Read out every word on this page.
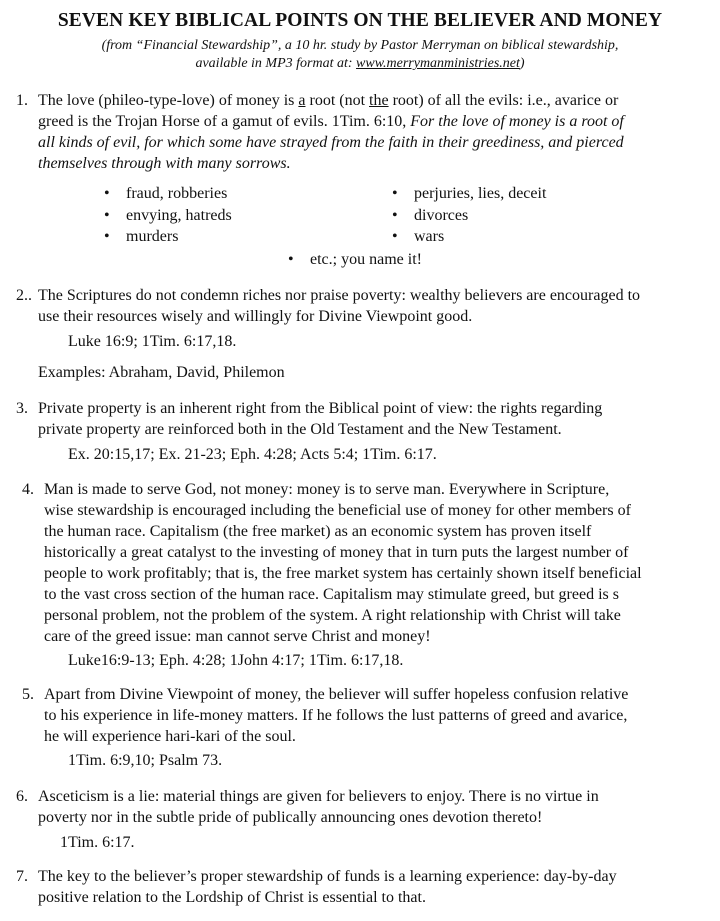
SEVEN KEY BIBLICAL POINTS ON THE BELIEVER AND MONEY
(from “Financial Stewardship”, a 10 hr. study by Pastor Merryman on biblical stewardship,
available in MP3 format at: www.merrymanministries.net)
1. The love (phileo-type-love) of money is a root (not the root) of all the evils: i.e., avarice or
greed is the Trojan Horse of a gamut of evils. 1Tim. 6:10, For the love of money is a root of
all kinds of evil, for which some have strayed from the faith in their greediness, and pierced
themselves through with many sorrows.
• fraud, robberies
• envying, hatreds
• murders
• perjuries, lies, deceit
• divorces
• wars
• etc.; you name it!
2.. The Scriptures do not condemn riches nor praise poverty: wealthy believers are encouraged to
use their resources wisely and willingly for Divine Viewpoint good.
Luke 16:9; 1Tim. 6:17,18.
Examples: Abraham, David, Philemon
3. Private property is an inherent right from the Biblical point of view: the rights regarding
private property are reinforced both in the Old Testament and the New Testament.
Ex. 20:15,17; Ex. 21-23; Eph. 4:28; Acts 5:4; 1Tim. 6:17.
4. Man is made to serve God, not money: money is to serve man. Everywhere in Scripture,
wise stewardship is encouraged including the beneficial use of money for other members of
the human race. Capitalism (the free market) as an economic system has proven itself
historically a great catalyst to the investing of money that in turn puts the largest number of
people to work profitably; that is, the free market system has certainly shown itself beneficial
to the vast cross section of the human race. Capitalism may stimulate greed, but greed is s
personal problem, not the problem of the system. A right relationship with Christ will take
care of the greed issue: man cannot serve Christ and money!
Luke16:9-13; Eph. 4:28; 1John 4:17; 1Tim. 6:17,18.
5. Apart from Divine Viewpoint of money, the believer will suffer hopeless confusion relative
to his experience in life-money matters. If he follows the lust patterns of greed and avarice,
he will experience hari-kari of the soul.
1Tim. 6:9,10; Psalm 73.
6. Asceticism is a lie: material things are given for believers to enjoy. There is no virtue in
poverty nor in the subtle pride of publically announcing ones devotion thereto!
1Tim. 6:17.
7. The key to the believer’s proper stewardship of funds is a learning experience: day-by-day
positive relation to the Lordship of Christ is essential to that.
